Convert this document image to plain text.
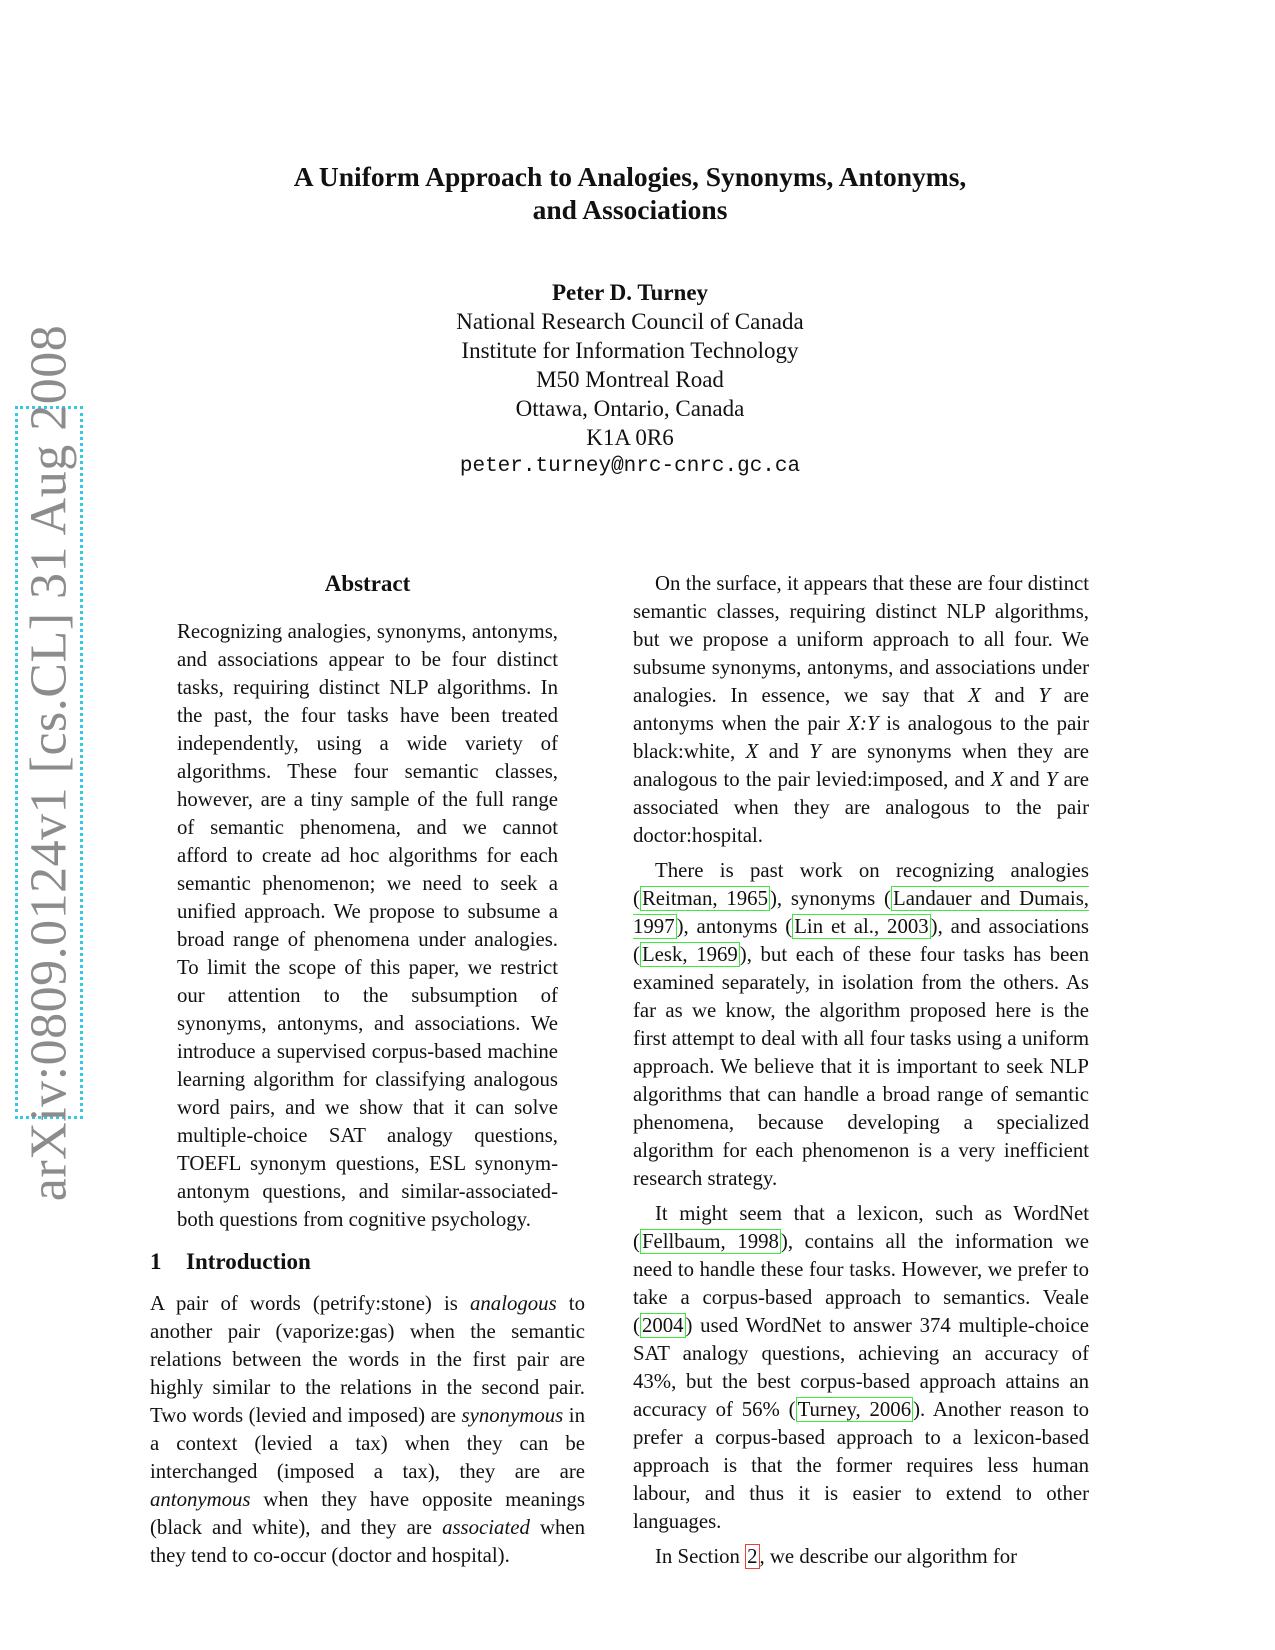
arXiv:0809.0124v1 [cs.CL] 31 Aug 2008
A Uniform Approach to Analogies, Synonyms, Antonyms,
and Associations
Peter D. Turney
National Research Council of Canada
Institute for Information Technology
M50 Montreal Road
Ottawa, Ontario, Canada
K1A 0R6
peter.turney@nrc-cnrc.gc.ca
Abstract

Recognizing analogies, synonyms, antonyms, and associations appear to be four distinct tasks, requiring distinct NLP algorithms. In the past, the four tasks have been treated independently, using a wide variety of algorithms. These four semantic classes, however, are a tiny sample of the full range of semantic phenomena, and we cannot afford to create ad hoc algorithms for each semantic phenomenon; we need to seek a unified approach. We propose to subsume a broad range of phenomena under analogies. To limit the scope of this paper, we restrict our attention to the subsumption of synonyms, antonyms, and associations. We introduce a supervised corpus-based machine learning algorithm for classifying analogous word pairs, and we show that it can solve multiple-choice SAT analogy questions, TOEFL synonym questions, ESL synonym-antonym questions, and similar-associated-both questions from cognitive psychology.

1 Introduction

A pair of words (petrify:stone) is analogous to another pair (vaporize:gas) when the semantic relations between the words in the first pair are highly similar to the relations in the second pair. Two words (levied and imposed) are synonymous in a context (levied a tax) when they can be interchanged (imposed a tax), they are are antonymous when they have opposite meanings (black and white), and they are associated when they tend to co-occur (doctor and hospital).

On the surface, it appears that these are four distinct semantic classes, requiring distinct NLP algorithms, but we propose a uniform approach to all four. We subsume synonyms, antonyms, and associations under analogies. In essence, we say that X and Y are antonyms when the pair X:Y is analogous to the pair black:white, X and Y are synonyms when they are analogous to the pair levied:imposed, and X and Y are associated when they are analogous to the pair doctor:hospital.

There is past work on recognizing analogies (Reitman, 1965), synonyms (Landauer and Dumais, 1997), antonyms (Lin et al., 2003), and associations (Lesk, 1969), but each of these four tasks has been examined separately, in isolation from the others. As far as we know, the algorithm proposed here is the first attempt to deal with all four tasks using a uniform approach. We believe that it is important to seek NLP algorithms that can handle a broad range of semantic phenomena, because developing a specialized algorithm for each phenomenon is a very inefficient research strategy.

It might seem that a lexicon, such as WordNet (Fellbaum, 1998), contains all the information we need to handle these four tasks. However, we prefer to take a corpus-based approach to semantics. Veale (2004) used WordNet to answer 374 multiple-choice SAT analogy questions, achieving an accuracy of 43%, but the best corpus-based approach attains an accuracy of 56% (Turney, 2006). Another reason to prefer a corpus-based approach to a lexicon-based approach is that the former requires less human labour, and thus it is easier to extend to other languages.

In Section 2, we describe our algorithm for
